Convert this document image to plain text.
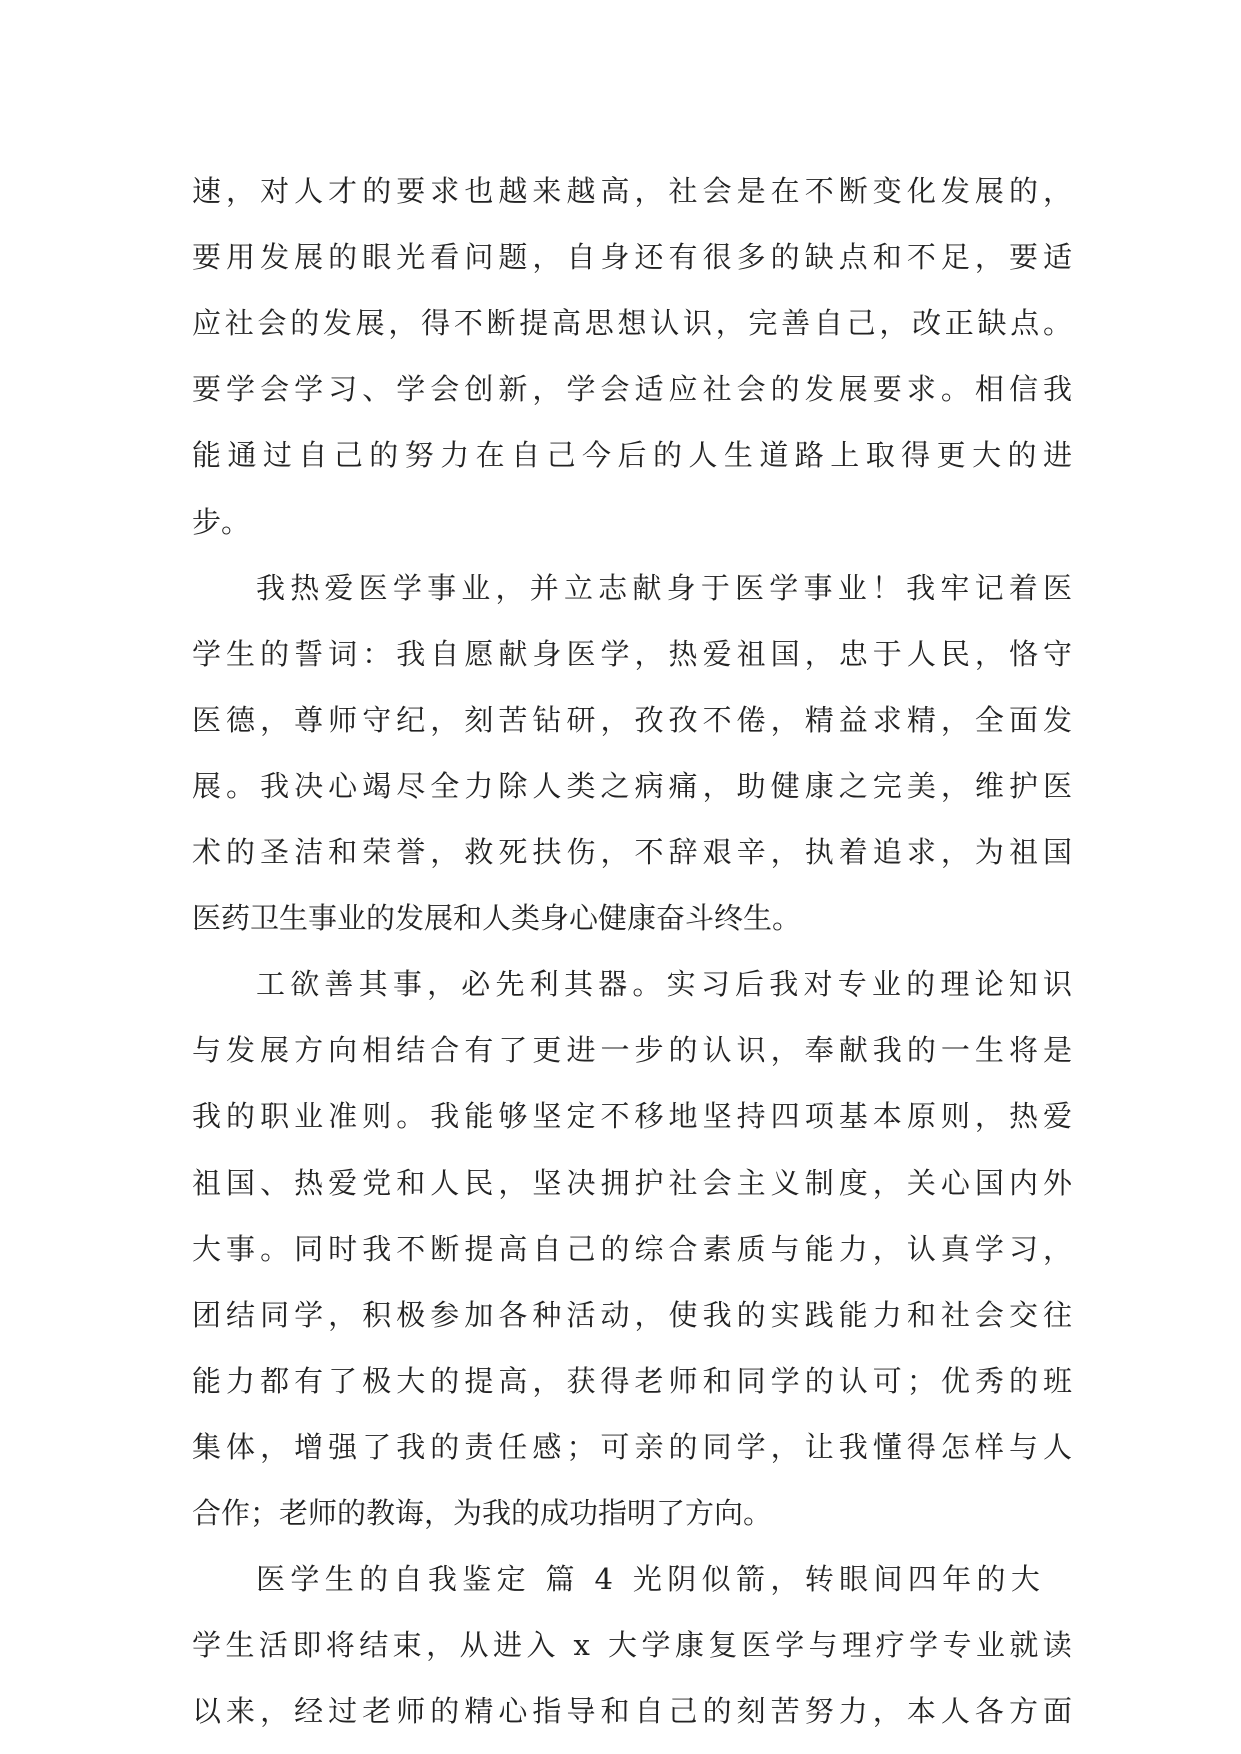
速，对人才的要求也越来越高，社会是在不断变化发展的，
要用发展的眼光看问题，自身还有很多的缺点和不足，要适
应社会的发展，得不断提高思想认识，完善自己，改正缺点。
要学会学习、学会创新，学会适应社会的发展要求。相信我
能通过自己的努力在自己今后的人生道路上取得更大的进
步。
我热爱医学事业，并立志献身于医学事业！我牢记着医
学生的誓词：我自愿献身医学，热爱祖国，忠于人民，恪守
医德，尊师守纪，刻苦钻研，孜孜不倦，精益求精，全面发
展。我决心竭尽全力除人类之病痛，助健康之完美，维护医
术的圣洁和荣誉，救死扶伤，不辞艰辛，执着追求，为祖国
医药卫生事业的发展和人类身心健康奋斗终生。
工欲善其事，必先利其器。实习后我对专业的理论知识
与发展方向相结合有了更进一步的认识，奉献我的一生将是
我的职业准则。我能够坚定不移地坚持四项基本原则，热爱
祖国、热爱党和人民，坚决拥护社会主义制度，关心国内外
大事。同时我不断提高自己的综合素质与能力，认真学习，
团结同学，积极参加各种活动，使我的实践能力和社会交往
能力都有了极大的提高，获得老师和同学的认可；优秀的班
集体，增强了我的责任感；可亲的同学，让我懂得怎样与人
合作；老师的教诲，为我的成功指明了方向。
医学生的自我鉴定 篇 4 光阴似箭，转眼间四年的大
学生活即将结束，从进入 x 大学康复医学与理疗学专业就读
以来，经过老师的精心指导和自己的刻苦努力，本人各方面
